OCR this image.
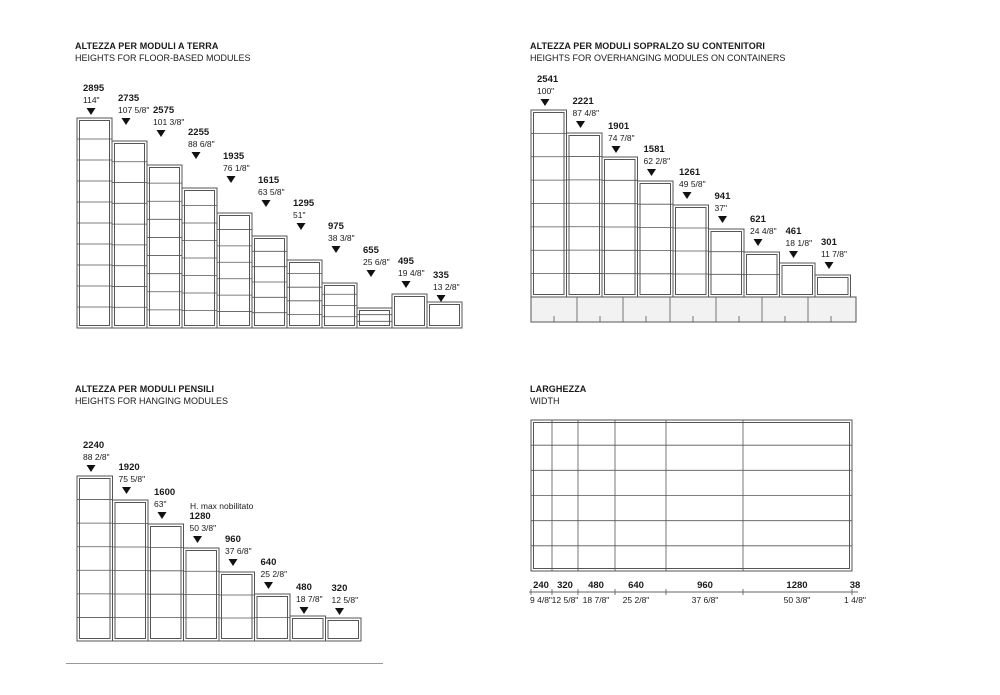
ALTEZZA PER MODULI A TERRA
HEIGHTS FOR FLOOR-BASED MODULES
ALTEZZA PER MODULI SOPRALZO SU CONTENITORI
HEIGHTS FOR OVERHANGING MODULES ON CONTAINERS
ALTEZZA PER MODULI PENSILI
HEIGHTS FOR HANGING MODULES
LARGHEZZA
WIDTH
2895
114" 2735
107 5/8" 2575
101 3/8"
2255
88 6/8"
1935
76 1/8"
1615
63 5/8"
1295
51"
975
38 3/8"
655
25 6/8" 495
19 4/8" 335
13 2/8"
2541
100"
2221
87 4/8"
1901
74 7/8"
1581
62 2/8"
1261
49 5/8"
941
37"
621
24 4/8" 461
18 1/8" 301
11 7/8"
2240
88 2/8"
1920
75 5/8"
1600
63"
1280
50 3/8"
960
37 6/8"
640
25 2/8"
480
18 7/8"
320
12 5/8"
H. max nobilitato
240
9 4/8"
320
12 5/8"
480
18 7/8"
640
25 2/8"
960
37 6/8"
1280
50 3/8"
38
1 4/8"
